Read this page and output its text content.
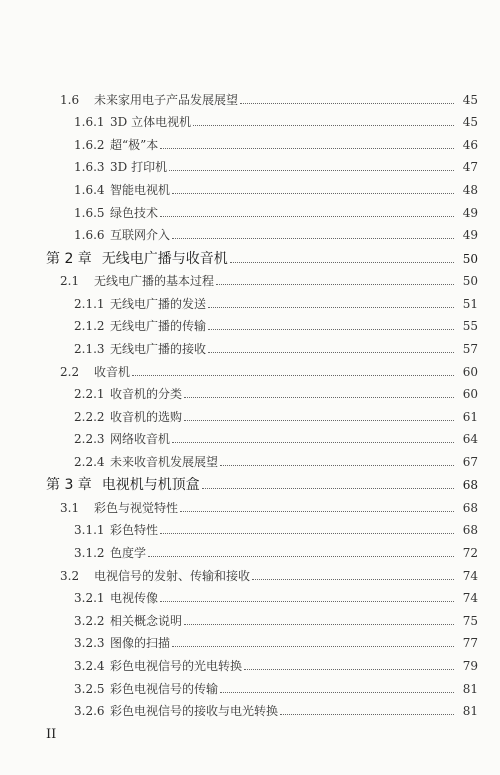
1.6	未来家用电子产品发展展望	45
1.6.1 3D 立体电视机	45
1.6.2 超“极”本	46
1.6.3 3D 打印机	47
1.6.4 智能电视机	48
1.6.5 绿色技术	49
1.6.6 互联网介入	49
第 2 章 无线电广播与收音机	50
2.1	无线电广播的基本过程	50
2.1.1 无线电广播的发送	51
2.1.2 无线电广播的传输	55
2.1.3 无线电广播的接收	57
2.2	收音机	60
2.2.1 收音机的分类	60
2.2.2 收音机的选购	61
2.2.3 网络收音机	64
2.2.4 未来收音机发展展望	67
第 3 章 电视机与机顶盒	68
3.1	彩色与视觉特性	68
3.1.1 彩色特性	68
3.1.2 色度学	72
3.2	电视信号的发射、传输和接收	74
3.2.1 电视传像	74
3.2.2 相关概念说明	75
3.2.3 图像的扫描	77
3.2.4 彩色电视信号的光电转换	79
3.2.5 彩色电视信号的传输	81
3.2.6 彩色电视信号的接收与电光转换	81
II
